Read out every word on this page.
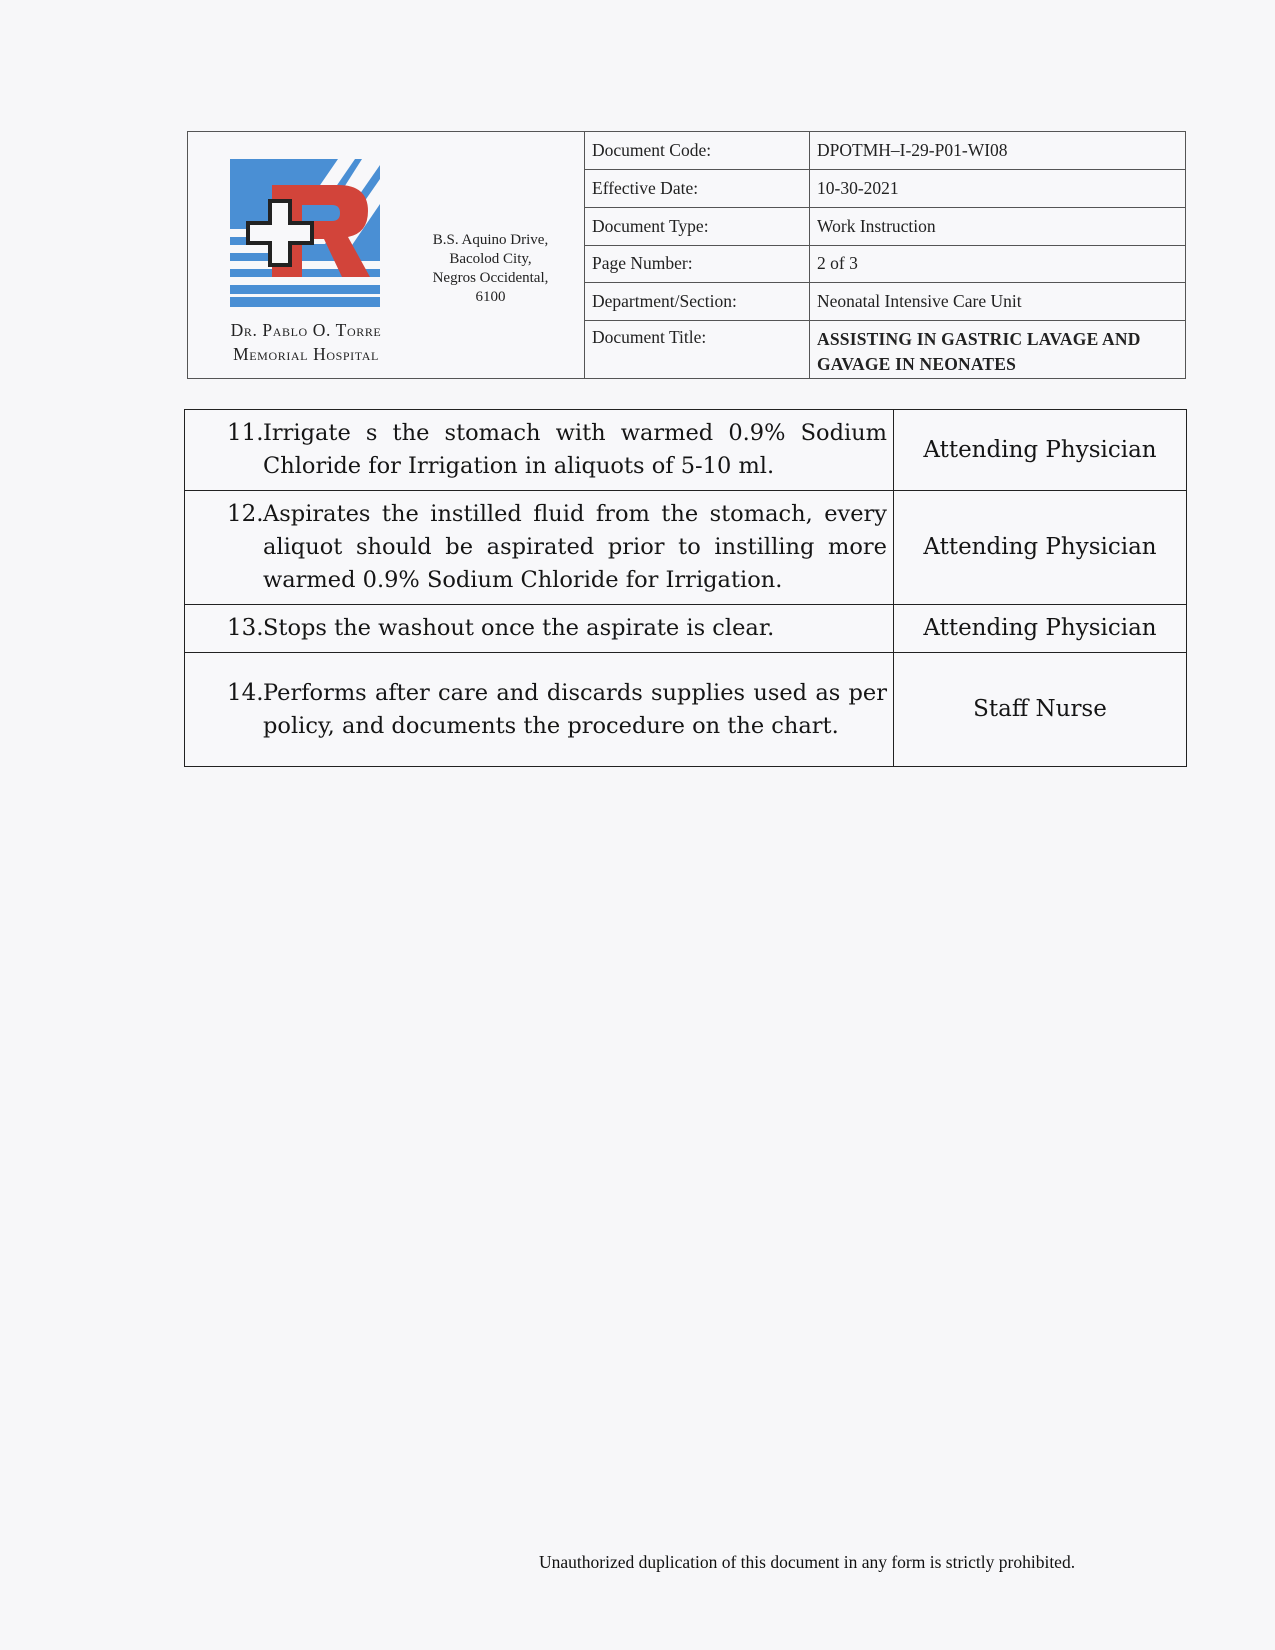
Dr. Pablo O. Torre
Memorial Hospital
B.S. Aquino Drive,
Bacolod City,
Negros Occidental,
6100
Document Code:	DPOTMH–I-29-P01-WI08
Effective Date:	10-30-2021
Document Type:	Work Instruction
Page Number:	2 of 3
Department/Section:	Neonatal Intensive Care Unit
Document Title:	ASSISTING IN GASTRIC LAVAGE AND GAVAGE IN NEONATES
11. Irrigate s the stomach with warmed 0.9% Sodium Chloride for Irrigation in aliquots of 5-10 ml.	Attending Physician

12. Aspirates the instilled fluid from the stomach, every aliquot should be aspirated prior to instilling more warmed 0.9% Sodium Chloride for Irrigation.	Attending Physician

13. Stops the washout once the aspirate is clear.	Attending Physician

14. Performs after care and discards supplies used as per policy, and documents the procedure on the chart.	Staff Nurse
Unauthorized duplication of this document in any form is strictly prohibited.
